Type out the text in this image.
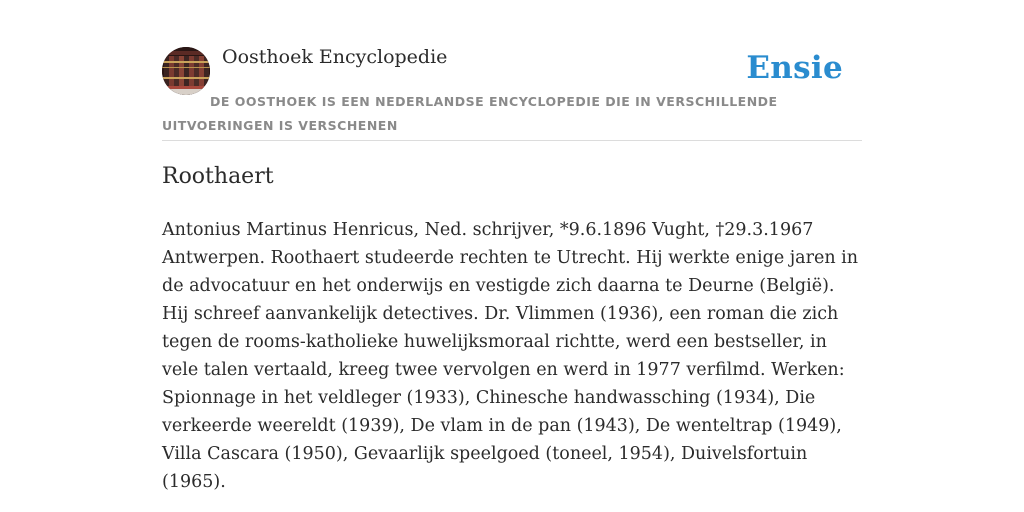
Oosthoek Encyclopedie	Ensie
DE OOSTHOEK IS EEN NEDERLANDSE ENCYCLOPEDIE DIE IN VERSCHILLENDE UITVOERINGEN IS VERSCHENEN
Roothaert

Antonius Martinus Henricus, Ned. schrijver, *9.6.1896 Vught, †29.3.1967 Antwerpen. Roothaert studeerde rechten te Utrecht. Hij werkte enige jaren in de advocatuur en het onderwijs en vestigde zich daarna te Deurne (België). Hij schreef aanvankelijk detectives. Dr. Vlimmen (1936), een roman die zich tegen de rooms-katholieke huwelijksmoraal richtte, werd een bestseller, in vele talen vertaald, kreeg twee vervolgen en werd in 1977 verfilmd. Werken: Spionnage in het veldleger (1933), Chinesche handwassching (1934), Die verkeerde weereldt (1939), De vlam in de pan (1943), De wenteltrap (1949), Villa Cascara (1950), Gevaarlijk speelgoed (toneel, 1954), Duivelsfortuin (1965).
